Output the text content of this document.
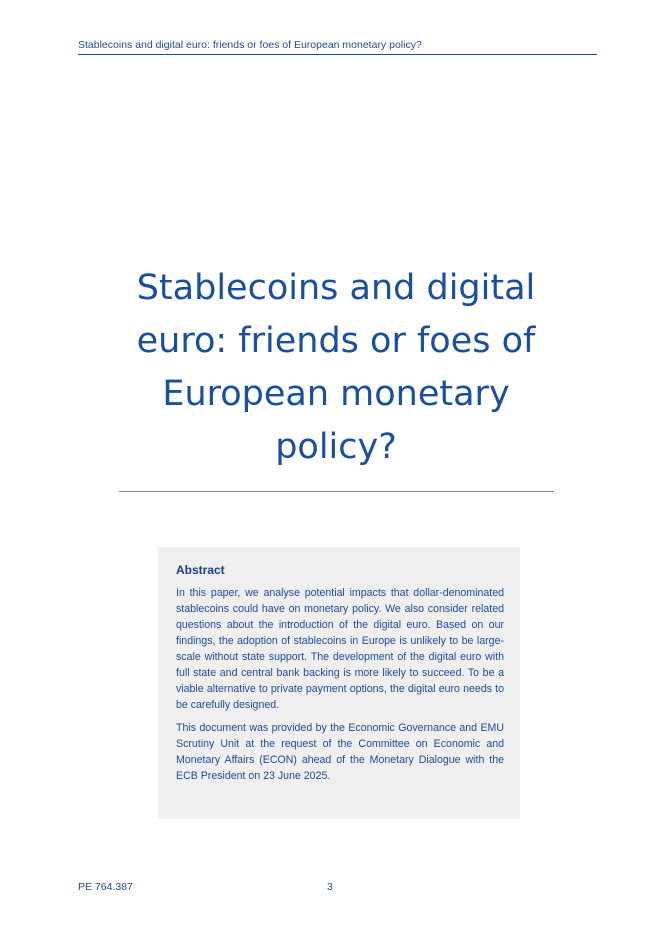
Stablecoins and digital euro: friends or foes of European monetary policy?
Stablecoins and digital euro: friends or foes of European monetary policy?

Abstract

In this paper, we analyse potential impacts that dollar-denominated stablecoins could have on monetary policy. We also consider related questions about the introduction of the digital euro. Based on our findings, the adoption of stablecoins in Europe is unlikely to be large-scale without state support. The development of the digital euro with full state and central bank backing is more likely to succeed. To be a viable alternative to private payment options, the digital euro needs to be carefully designed.

This document was provided by the Economic Governance and EMU Scrutiny Unit at the request of the Committee on Economic and Monetary Affairs (ECON) ahead of the Monetary Dialogue with the ECB President on 23 June 2025.

PE 764.387	3
